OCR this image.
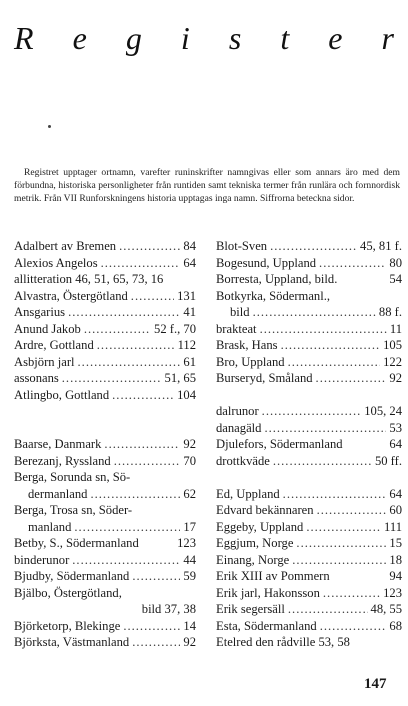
R e g i s t e r

Registret upptager ortnamn, varefter runinskrifter namngivas eller som annars äro med dem förbundna, historiska personligheter från runtiden samt tekniska termer från runlära och fornnordisk metrik. Från VII Runforskningens historia upptagas inga namn. Siffrorna beteckna sidor.

Adalbert av Bremen .....	84
Alexios Angelos .....	64
allitteration 46, 51, 65, 73, 16
Alvastra, Östergötland .....	131
Ansgarius .....	41
Anund Jakob .....	52 f., 70
Ardre, Gottland .....	112
Asbjörn jarl .....	61
assonans .....	51, 65
Atlingbo, Gottland .....	104
Baarse, Danmark .....	92
Berezanj, Ryssland .....	70
Berga, Sorunda sn, Sö-
dermanland .....	62
Berga, Trosa sn, Söder-
manland .....	17
Betby, S., Södermanland	123
binderunor .....	44
Bjudby, Södermanland .....	59
Bjälbo, Östergötland,
bild 37, 38
Björketorp, Blekinge .....	14
Björksta, Västmanland .....	92
Blot-Sven .....	45, 81 f.
Bogesund, Uppland .....	80
Borresta, Uppland, bild.	54
Botkyrka, Södermanl.,
bild .....	88 f.
brakteat .....	11
Brask, Hans .....	105
Bro, Uppland .....	122
Burseryd, Småland .....	92
dalrunor .....	105, 24
danagäld .....	53
Djulefors, Södermanland	64
drottkväde .....	50 ff.
Ed, Uppland .....	64
Edvard bekännaren .....	60
Eggeby, Uppland .....	111
Eggjum, Norge .....	15
Einang, Norge .....	18
Erik XIII av Pommern	94
Erik jarl, Hakonsson .....	123
Erik segersäll .....	48, 55
Esta, Södermanland .....	68
Etelred den rådville 53, 58
147
